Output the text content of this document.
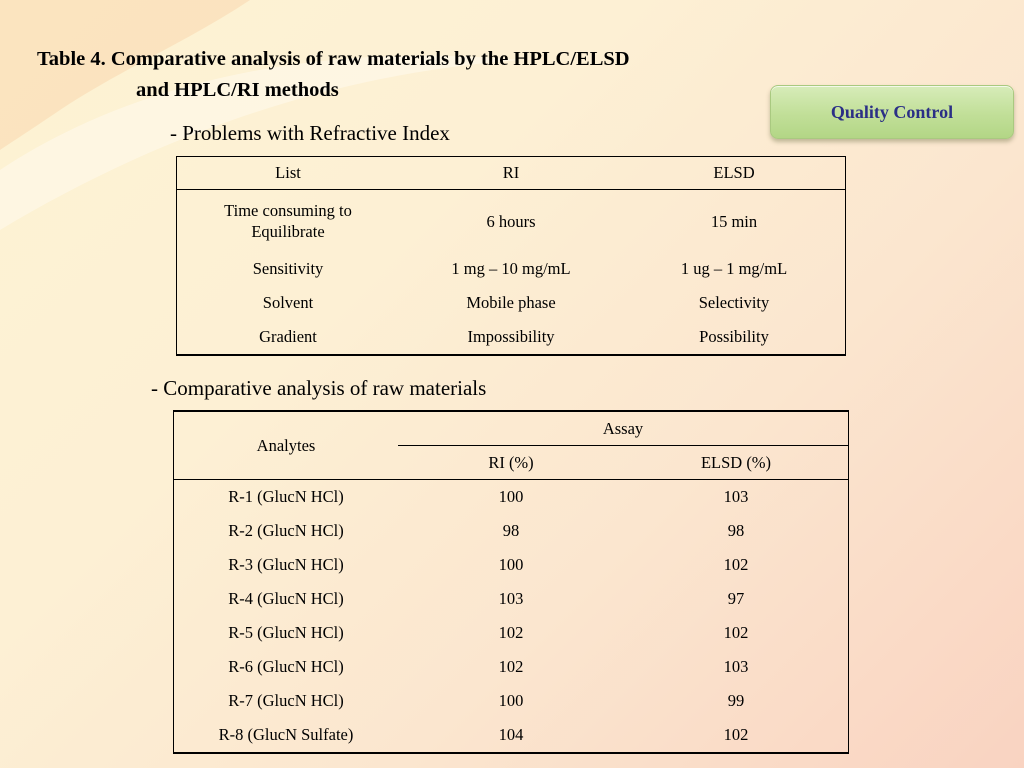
Table 4. Comparative analysis of raw materials by the HPLC/ELSD
and HPLC/RI methods
Quality Control
- Problems with Refractive Index
List	RI	ELSD
Time consuming to Equilibrate	6 hours	15 min
Sensitivity	1 mg – 10 mg/mL	1 ug – 1 mg/mL
Solvent	Mobile phase	Selectivity
Gradient	Impossibility	Possibility
- Comparative analysis of raw materials
Analytes	Assay	
	RI (%)	ELSD (%)
R-1 (GlucN HCl)	100	103
R-2 (GlucN HCl)	98	98
R-3 (GlucN HCl)	100	102
R-4 (GlucN HCl)	103	97
R-5 (GlucN HCl)	102	102
R-6 (GlucN HCl)	102	103
R-7 (GlucN HCl)	100	99
R-8 (GlucN Sulfate)	104	102
